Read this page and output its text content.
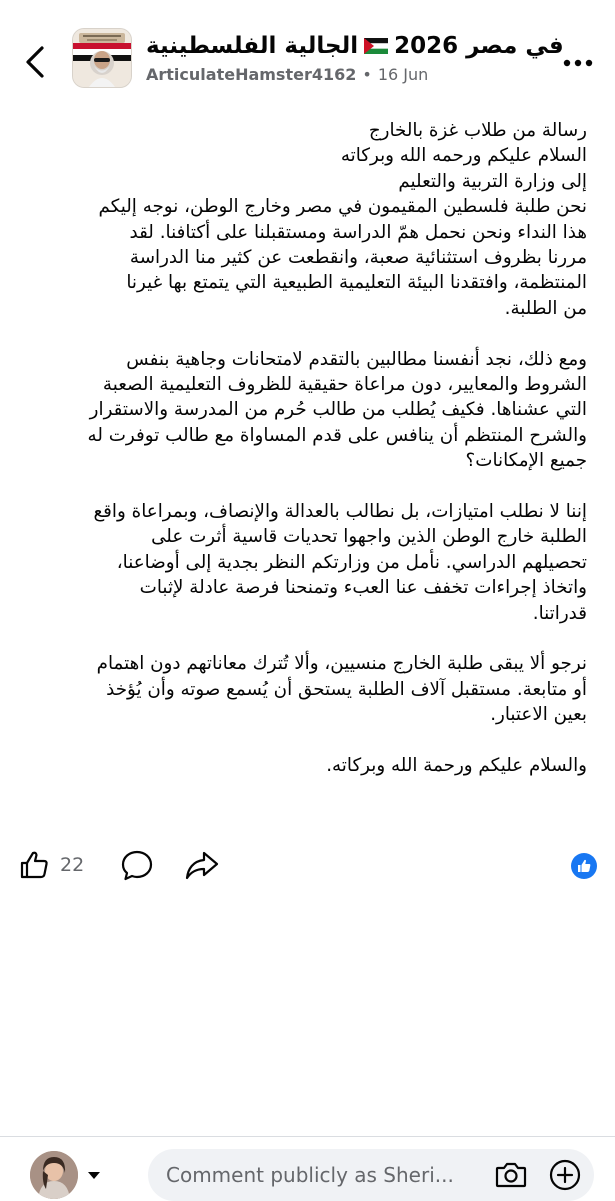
الجالية الفلسطينية في مصر 2026
ArticulateHamster4162 • 16 Jun

رسالة من طلاب غزة بالخارج
السلام عليكم ورحمه الله وبركاته
إلى وزارة التربية والتعليم
نحن طلبة فلسطين المقيمون في مصر وخارج الوطن، نوجه إليكم
هذا النداء ونحن نحمل همّ الدراسة ومستقبلنا على أكتافنا. لقد
مررنا بظروف استثنائية صعبة، وانقطعت عن كثير منا الدراسة
المنتظمة، وافتقدنا البيئة التعليمية الطبيعية التي يتمتع بها غيرنا
من الطلبة.

ومع ذلك، نجد أنفسنا مطالبين بالتقدم لامتحانات وجاهية بنفس
الشروط والمعايير، دون مراعاة حقيقية للظروف التعليمية الصعبة
التي عشناها. فكيف يُطلب من طالب حُرم من المدرسة والاستقرار
والشرح المنتظم أن ينافس على قدم المساواة مع طالب توفرت له
جميع الإمكانات؟

إننا لا نطلب امتيازات، بل نطالب بالعدالة والإنصاف، وبمراعاة واقع
الطلبة خارج الوطن الذين واجهوا تحديات قاسية أثرت على
تحصيلهم الدراسي. نأمل من وزارتكم النظر بجدية إلى أوضاعنا،
واتخاذ إجراءات تخفف عنا العبء وتمنحنا فرصة عادلة لإثبات
قدراتنا.

نرجو ألا يبقى طلبة الخارج منسيين، وألا تُترك معاناتهم دون اهتمام
أو متابعة. مستقبل آلاف الطلبة يستحق أن يُسمع صوته وأن يُؤخذ
بعين الاعتبار.

والسلام عليكم ورحمة الله وبركاته.

22
Comment publicly as Sheri...
